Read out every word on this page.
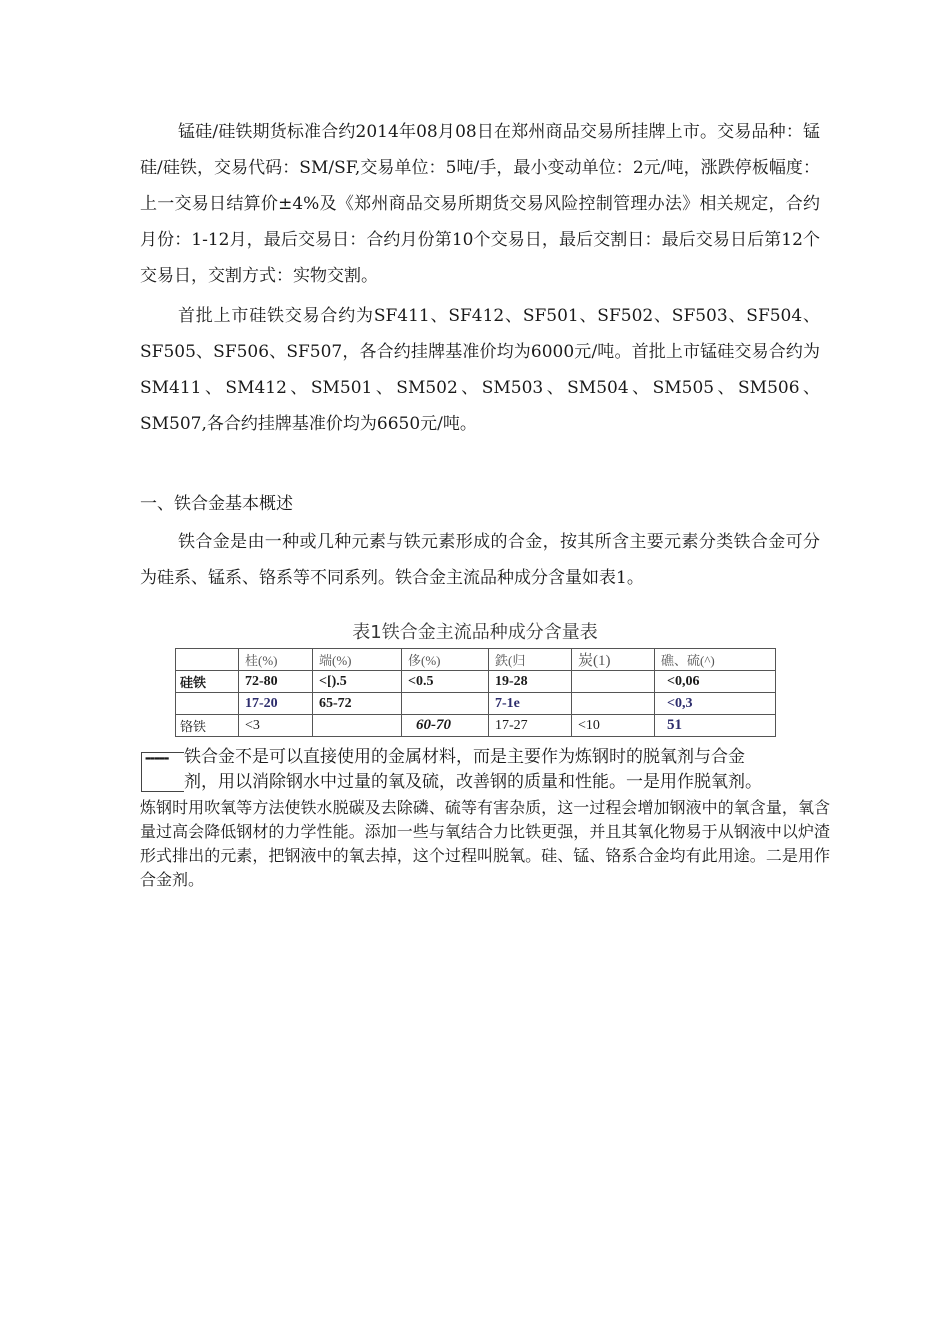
锰硅/硅铁期货标准合约2014年08月08日在郑州商品交易所挂牌上市。交易品种：锰硅/硅铁，交易代码：SM/SF,交易单位：5吨/手，最小变动单位：2元/吨，涨跌停板幅度：上一交易日结算价±4%及《郑州商品交易所期货交易风险控制管理办法》相关规定，合约月份：1-12月，最后交易日：合约月份第10个交易日，最后交割日：最后交易日后第12个交易日，交割方式：实物交割。

首批上市硅铁交易合约为SF411、SF412、SF501、SF502、SF503、SF504、SF505、SF506、SF507，各合约挂牌基准价均为6000元/吨。首批上市锰硅交易合约为SM411、SM412、SM501、SM502、SM503、SM504、SM505、SM506、SM507,各合约挂牌基准价均为6650元/吨。

一、铁合金基本概述

铁合金是由一种或几种元素与铁元素形成的合金，按其所含主要元素分类铁合金可分为硅系、锰系、铬系等不同系列。铁合金主流品种成分含量如表1。

表1铁合金主流品种成分含量表
	桂(%)	端(%)	侈(%)	鉄(归	炭(1)	礁、硫(^)
硅铁	72-80	<[).5	<0.5	19-28		<0,06
	17-20	65-72		7-1e		<0,3
铬铁	<3		60-70	17-27	<10	51
▬▬▬▬▬ 铁合金不是可以直接使用的金属材料，而是主要作为炼钢时的脱氧剂与合金

剂，用以消除钢水中过量的氧及硫，改善钢的质量和性能。一是用作脱氧剂。

炼钢时用吹氧等方法使铁水脱碳及去除磷、硫等有害杂质，这一过程会增加钢液中的氧含量，氧含量过高会降低钢材的力学性能。添加一些与氧结合力比铁更强，并且其氧化物易于从钢液中以炉渣形式排出的元素，把钢液中的氧去掉，这个过程叫脱氧。硅、锰、铬系合金均有此用途。二是用作合金剂。
